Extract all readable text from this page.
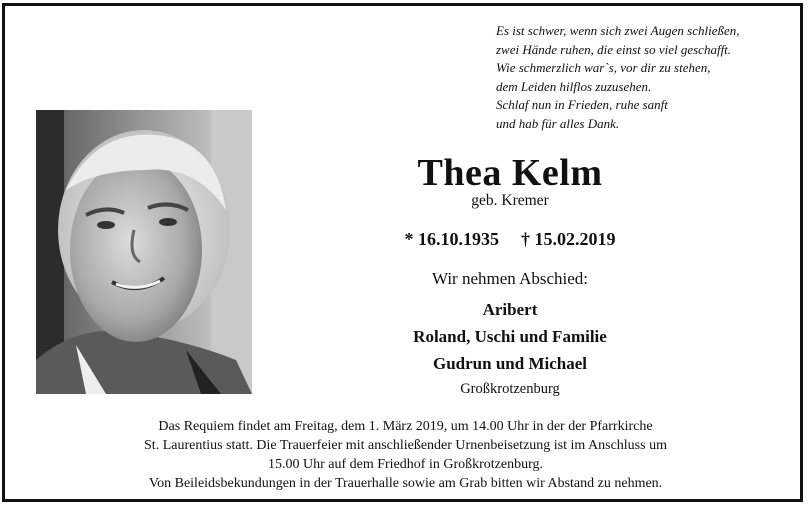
Es ist schwer, wenn sich zwei Augen schließen,
zwei Hände ruhen, die einst so viel geschafft.
Wie schmerzlich war`s, vor dir zu stehen,
dem Leiden hilflos zuzusehen.
Schlaf nun in Frieden, ruhe sanft
und hab für alles Dank.
Thea Kelm
geb. Kremer
* 16.10.1935 † 15.02.2019
Wir nehmen Abschied:
Aribert
Roland, Uschi und Familie
Gudrun und Michael
Großkrotzenburg
Das Requiem findet am Freitag, dem 1. März 2019, um 14.00 Uhr in der der Pfarrkirche
St. Laurentius statt. Die Trauerfeier mit anschließender Urnenbeisetzung ist im Anschluss um
15.00 Uhr auf dem Friedhof in Großkrotzenburg.
Von Beileidsbekundungen in der Trauerhalle sowie am Grab bitten wir Abstand zu nehmen.
